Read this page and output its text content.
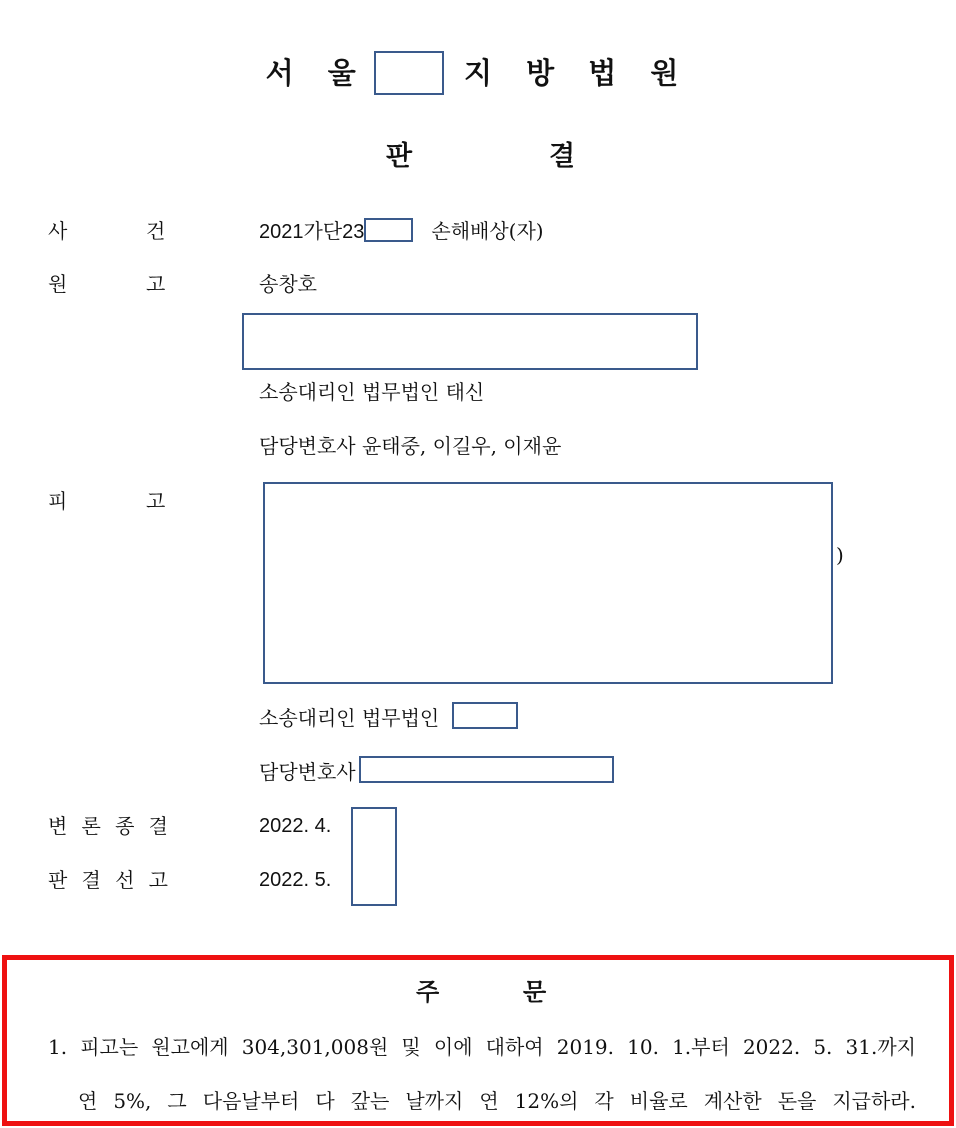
서 울	지 방 법 원
판	결
사	건	2021가단23	손해배상(자)
원	고	송창호
소송대리인 법무법인 태신
담당변호사 윤태중, 이길우, 이재윤
피	고
)
소송대리인 법무법인
담당변호사
변 론 종 결	2022. 4.
판 결 선 고	2022. 5.
주	문
1. 피고는 원고에게 304,301,008원 및 이에 대하여 2019. 10. 1.부터 2022. 5. 31.까지
연 5%, 그 다음날부터 다 갚는 날까지 연 12%의 각 비율로 계산한 돈을 지급하라.
